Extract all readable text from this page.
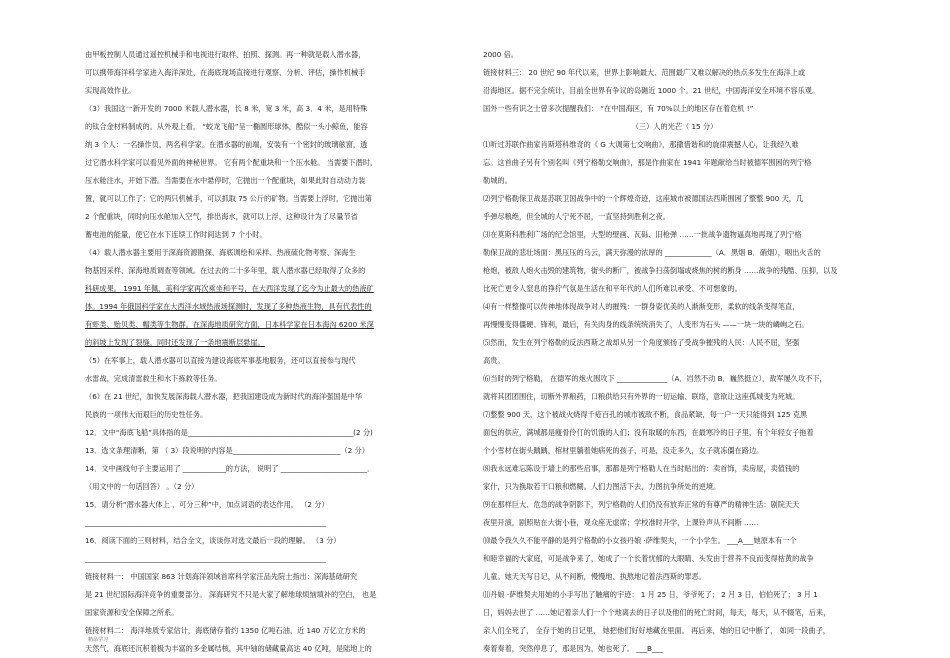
由甲板控制人员通过遥控机械手和电视进行取样、拍照、探测。再一种就是载人潜水器，
可以携带海洋科学家进入海洋深处，在海底现场直接进行观察、分析、评估，操作机械手
实现高效作业。
（3）我国这一新开发的 7000 米载人潜水器，长 8 米，宽 3 米，高 3．4 米，是用特殊
的钛合金材料制成的。从外观上看， “蛟龙飞船”呈一椭圆形球体，酷似一头小鲸鱼，能容
纳 3 个人：一名操作员，两名科学家。在潜水器的前端，安装有一个密封的玻璃舷窗，透
过它潜水科学家可以看见外面的神秘世界。 它有两个配重块和一个压水舱。 当需要下潜时，
压水舱注水，开始下潜。当需要在水中悬停时，它抛出一个配重块，如果此时自动动力装
置，就可以工作了；它的两只机械手，可以抓取 75 公斤的矿物。当需要上浮时，它抛出第
2 个配重块，同时向压水舱加入空气，排出海水，就可以上浮。这种设计为了尽量节省
蓄电池的能量，使它在水下连续工作时间达到 7 个小时。
（4）载人潜水器主要用于深海资源勘探、海底调绘和采样、热液硫化物考察、深海生
物基因采样、深海地质调查等领域。在过去的二十多年里，载人潜水器已经取得了众多的
科研成果。 1991 年佩、美科学家再次乘坐和平号，在大西洋发现了迄今为止最大的热液矿
体。1994 年俄国科学家在大西洋水域热液场探测时，发现了多种热液生物，具有代表性的
有虾类、贻贝类、帽类等生物群。在深海地质研究方面，日本科学家在日本海沟 6200 米深
的斜坡上发现了裂缝，同时还发现了一条地震断层悬崖。
（5）在军事上，载人潜水器可以直接为建设海底军事基地服务，还可以直接参与现代
水雷战，完成清雷救生和水下拣救等任务。
（6）在 21 世纪，加快发展深海载人潜水器，把我国建设成为新时代的海洋强国是中华
民族的一项伟大而艰巨的历史性任务。
12．文中“海底飞船”具体指的是______________________________________________(2 分)
13．选文条理清晰，第 （ 3）段说明的内容是______________________________（2 分）
14．文中画线句子主要运用了 ____________的方法， 说明了 ________________________．
（用文中的一句话回答） 。（2 分）
15．请分析“潜水器大体上 ，可分三种”中，加点词语的表达作用。 （2 分）
___________________________________________________________________
16．阅读下面的三则材料，结合全文，谈谈你对选文最后一段的理解。 （3 分）
___________________________________________________________________
链接材料一： 中国国家 863 计划海洋领域首席科学家汪品先院士指出：深海基础研究
是 21 世纪国际海洋竞争的重要部分。 深海研究不只是大家了解地球烦恼填补的空白， 也是
国家资源和安全保障之所系。
链接材料二： 海洋地质专家估计，海底储存着约 1350 亿吨石油，近 140 万亿立方米的
天然气，海底还沉积着极为丰富的多金属结核，其中铀的储藏量高达 40 亿吨，是陆地上的
2000 倍。
链接材料三： 20 世纪 90 年代以来，世界上影响最大、范围最广又难以解决的热点多发生在海洋上或
沿海地区。据不完全统计，目前全世界有争议的岛礁近 1000 个。21 世纪，中国海洋安全环境不容乐观。
国外一些有识之士曾多次提醒我们： “在中国海区，有 70%以上的地区存在着危机 !”
（三）人的光芒（ 15 分）
⑴听过苏联作曲家肖斯塔科维奇的《 G 大调第七交响曲》，那撒惜谐和的旋律震撼人心，让我经久难
忘。这首曲子另有个别名叫《列宁格勒交响曲》，那是作曲家在 1941 年题献给当时被德军围困的列宁格
勒城的。
⑵列宁格勒保卫战是苏联卫国战争中的一个辉煌奇迹，这座城市被德国法西斯围困了整整 900 天，几
乎弹尽粮绝，但全城的人宁死不屈，一直坚持到胜利之夜。
⑶在莫斯科胜利广场的纪念馆里，大型的壁画、瓦砾、旧枪弹 ……一批战争遗物逼真地再现了列宁格
勒保卫战的悲壮场面：黑压压的乌云，满天弥漫的浓厚的 _____________（A．黑烟 B．硝烟），咽出火舌的
枪炮，被敌人炮火击毁的建筑物，街头的断厂，被战争扫荡倒塌或烧焦的树的断身 ……战争的残酷、压抑，以及
比死亡更令人窒息的狰狞气氛是生活在和平年代的人们所难以承受、不可想象的。
⑷有一样整像可以传神地体现战争对人的摧残：一群身姿优美的人渐渐变形，柔软的线条变得笔直，
再慢慢变得僵硬、锋利，最后，有关肉身的线条统统消失了，人变形为石头 ——一块一块的嶙峋之石。
⑸然而，发生在列宁格勒的反法西斯之战却从另一个角度颁扬了受战争摧残的人民：人民不屈，坚强
高贵。
⑹当时的列宁格勒， 在德军的炮火围攻下 ______________（A．岿然不动 B．巍然挺立），敌军屡久攻不下，
就将其团团围住，切断外界粮药，口粮供给只有外界的一切运输、联络，意欲让这座孤城变为死城。
⑺整整 900 天，这个被战火烧得千疮百孔的城市被敌不断，食品紧缺，每一户一天只能得到 125 克黑
面包的供应，满城都是瘦骨伶仃的饥饿的人们；没有取暖的东西，在最寒冷的日子里，有个年轻女子拖着
个小雪材在街头踽踽，棺材里躺着她病死的孩子，可是，没走多久，女子就冻僵在路边。
⑻我永远难忘陈设于墙上的那些启事，那都是列宁格勒人在当时贴出的：卖首饰，卖房屋，卖值钱的
家什，只为换取若干口粮和燃糊。人们力图活下去，力图抗争所处的逆境。
⑼在那样巨大、危急的战争阴影下，列宁格勒的人们仍没有放弃正常的有尊严的精神生活：剧院天天
夜里开演，剧照贴在大街小巷，观众座无虚席；学校准时开学，上课铃声从不间断 ……
⑽最令我久久不能平静的是列宁格勒的小女孩丹娘 ·萨维契夫，一个小学生。 ___A___她原本有一个
和睦幸福的大家庭，可是战争来了，她成了一个长着忧郁的大眼睛、头发由于营养不良而变得枯黄的战争
儿童。她天天写日记，从不间断，慢慢地、执熬地记着法西斯的罪恶。
⑾丹娘 ·萨维契夫用她的小手写出了触痛的宇迹： 1 月 25 日，爷爷死了； 2 月 3 日，伯伯死了； 3 月 1
日，妈妈去世了 ……她记着亲人们一个个地离去的日子以及他们的死亡时间，每天，每天，从不辍笔，后来，
亲人们全死了， 全存于她的日记里， 她把他们好好地藏在里面。 再后来，她的日记中断了， 如同一段曲子，
奏着奏着，突然停息了，那是因为，她也死了。 ___B___
精品学习
